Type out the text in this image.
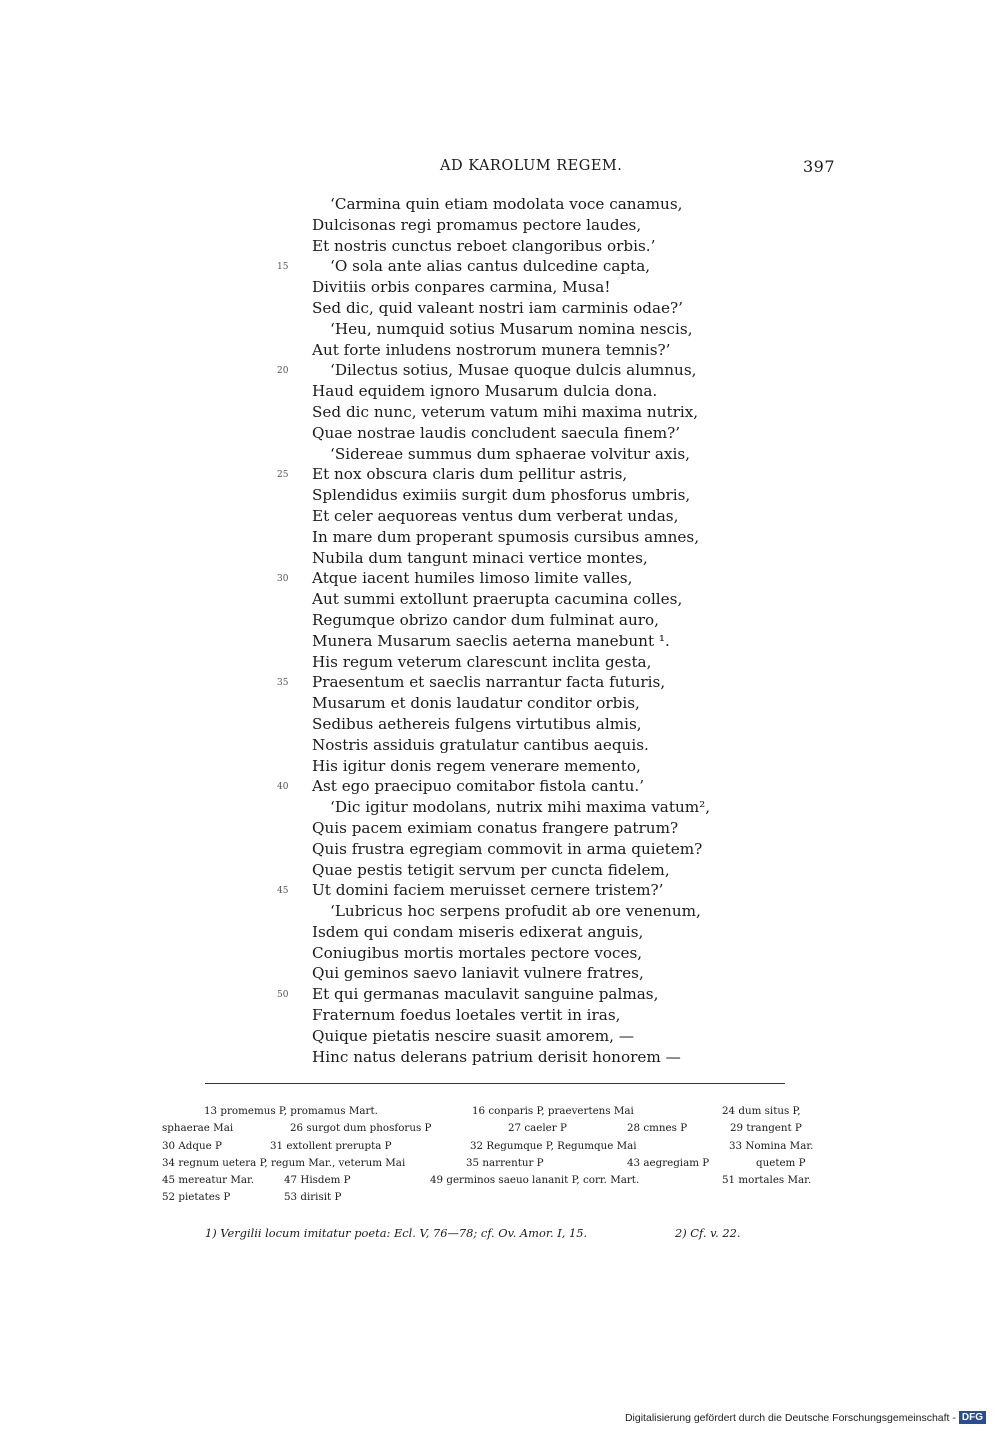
AD KAROLUM REGEM.	397
‘Carmina quin etiam modolata voce canamus,
Dulcisonas regi promamus pectore laudes,
Et nostris cunctus reboet clangoribus orbis.’
15	‘O sola ante alias cantus dulcedine capta,
Divitiis orbis conpares carmina, Musa!
Sed dic, quid valeant nostri iam carminis odae?’
‘Heu, numquid sotius Musarum nomina nescis,
Aut forte inludens nostrorum munera temnis?’
20	‘Dilectus sotius, Musae quoque dulcis alumnus,
Haud equidem ignoro Musarum dulcia dona.
Sed dic nunc, veterum vatum mihi maxima nutrix,
Quae nostrae laudis concludent saecula finem?’
‘Sidereae summus dum sphaerae volvitur axis,
25 Et nox obscura claris dum pellitur astris,
Splendidus eximiis surgit dum phosforus umbris,
Et celer aequoreas ventus dum verberat undas,
In mare dum properant spumosis cursibus amnes,
Nubila dum tangunt minaci vertice montes,
30 Atque iacent humiles limoso limite valles,
Aut summi extollunt praerupta cacumina colles,
Regumque obrizo candor dum fulminat auro,
Munera Musarum saeclis aeterna manebunt ¹.
His regum veterum clarescunt inclita gesta,
35 Praesentum et saeclis narrantur facta futuris,
Musarum et donis laudatur conditor orbis,
Sedibus aethereis fulgens virtutibus almis,
Nostris assiduis gratulatur cantibus aequis.
His igitur donis regem venerare memento,
40 Ast ego praecipuo comitabor fistola cantu.’
‘Dic igitur modolans, nutrix mihi maxima vatum²,
Quis pacem eximiam conatus frangere patrum?
Quis frustra egregiam commovit in arma quietem?
Quae pestis tetigit servum per cuncta fidelem,
45 Ut domini faciem meruisset cernere tristem?’
‘Lubricus hoc serpens profudit ab ore venenum,
Isdem qui condam miseris edixerat anguis,
Coniugibus mortis mortales pectore voces,
Qui geminos saevo laniavit vulnere fratres,
50 Et qui germanas maculavit sanguine palmas,
Fraternum foedus loetales vertit in iras,
Quique pietatis nescire suasit amorem, —
Hinc natus delerans patrium derisit honorem —
13 promemus P, promamus Mart.	16 conparis P, praevertens Mai	24 dum situs P,
sphaerae Mai	26 surgot dum phosforus P	27 caeler P	28 cmnes P	29 trangent P
30 Adque P	31 extollent prerupta P	32 Regumque P, Regumque Mai	33 Nomina Mar.
34 regnum uetera P, regum Mar., veterum Mai	35 narrentur P	43 aegregiam P	quetem P
45 mereatur Mar.	47 Hisdem P	49 germinos saeuo lananit P, corr. Mart.	51 mortales Mar.
52 pietates P	53 dirisit P
1) Vergilii locum imitatur poeta: Ecl. V, 76—78; cf. Ov. Amor. I, 15.	2) Cf. v. 22.
Digitalisierung gefördert durch die Deutsche Forschungsgemeinschaft - DFG
